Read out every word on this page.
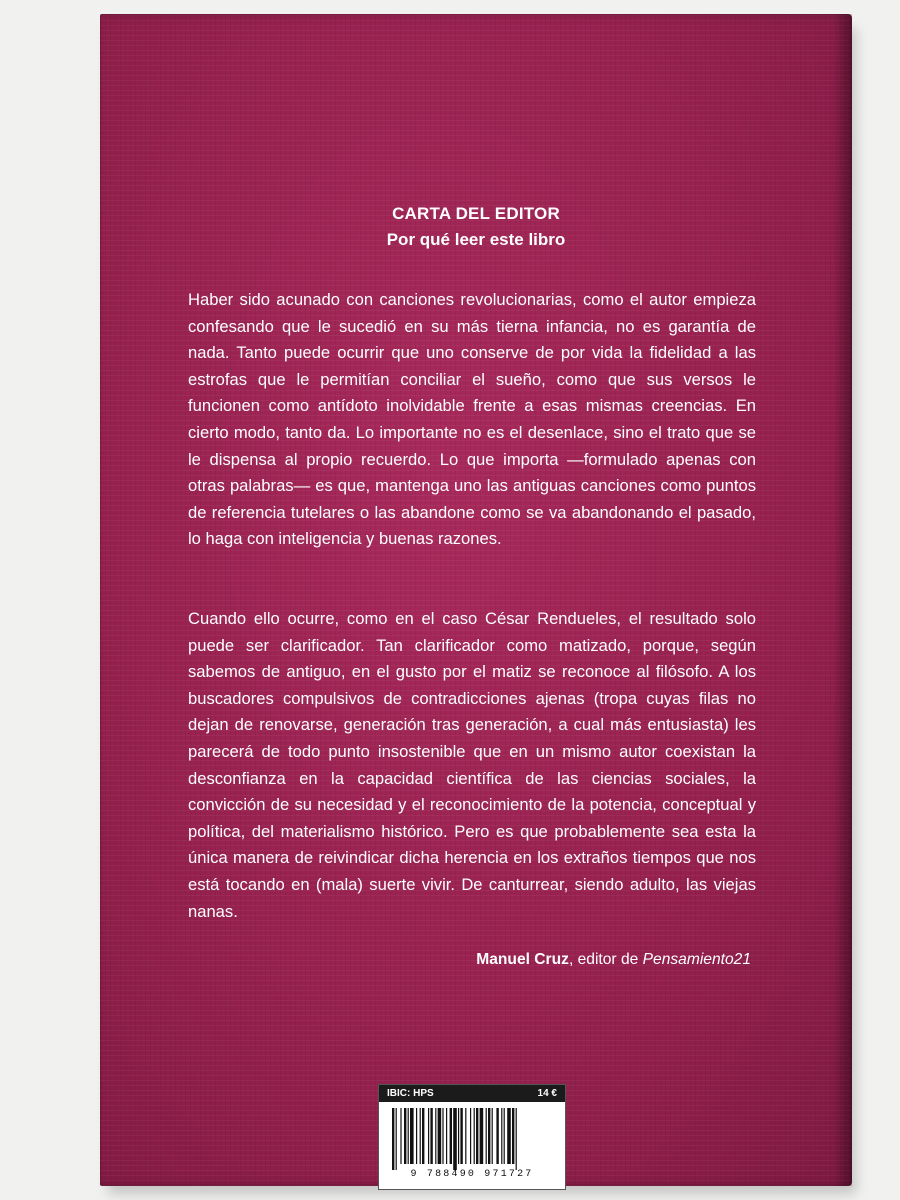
CARTA DEL EDITOR

Por qué leer este libro

Haber sido acunado con canciones revolucionarias, como el autor empieza confesando que le sucedió en su más tierna infancia, no es garantía de nada. Tanto puede ocurrir que uno conserve de por vida la fidelidad a las estrofas que le permitían conciliar el sueño, como que sus versos le funcionen como antídoto inolvidable frente a esas mismas creencias. En cierto modo, tanto da. Lo importante no es el desenlace, sino el trato que se le dispensa al propio recuerdo. Lo que importa —formulado apenas con otras palabras— es que, mantenga uno las antiguas canciones como puntos de referencia tutelares o las abandone como se va abandonando el pasado, lo haga con inteligencia y buenas razones.

Cuando ello ocurre, como en el caso César Rendueles, el resultado solo puede ser clarificador. Tan clarificador como matizado, porque, según sabemos de antiguo, en el gusto por el matiz se reconoce al filósofo. A los buscadores compulsivos de contradicciones ajenas (tropa cuyas filas no dejan de renovarse, generación tras generación, a cual más entusiasta) les parecerá de todo punto insostenible que en un mismo autor coexistan la desconfianza en la capacidad científica de las ciencias sociales, la convicción de su necesidad y el reconocimiento de la potencia, conceptual y política, del materialismo histórico. Pero es que probablemente sea esta la única manera de reivindicar dicha herencia en los extraños tiempos que nos está tocando en (mala) suerte vivir. De canturrear, siendo adulto, las viejas nanas.

Manuel Cruz, editor de Pensamiento21
IBIC: HPS	14 €
9 788490 971727
